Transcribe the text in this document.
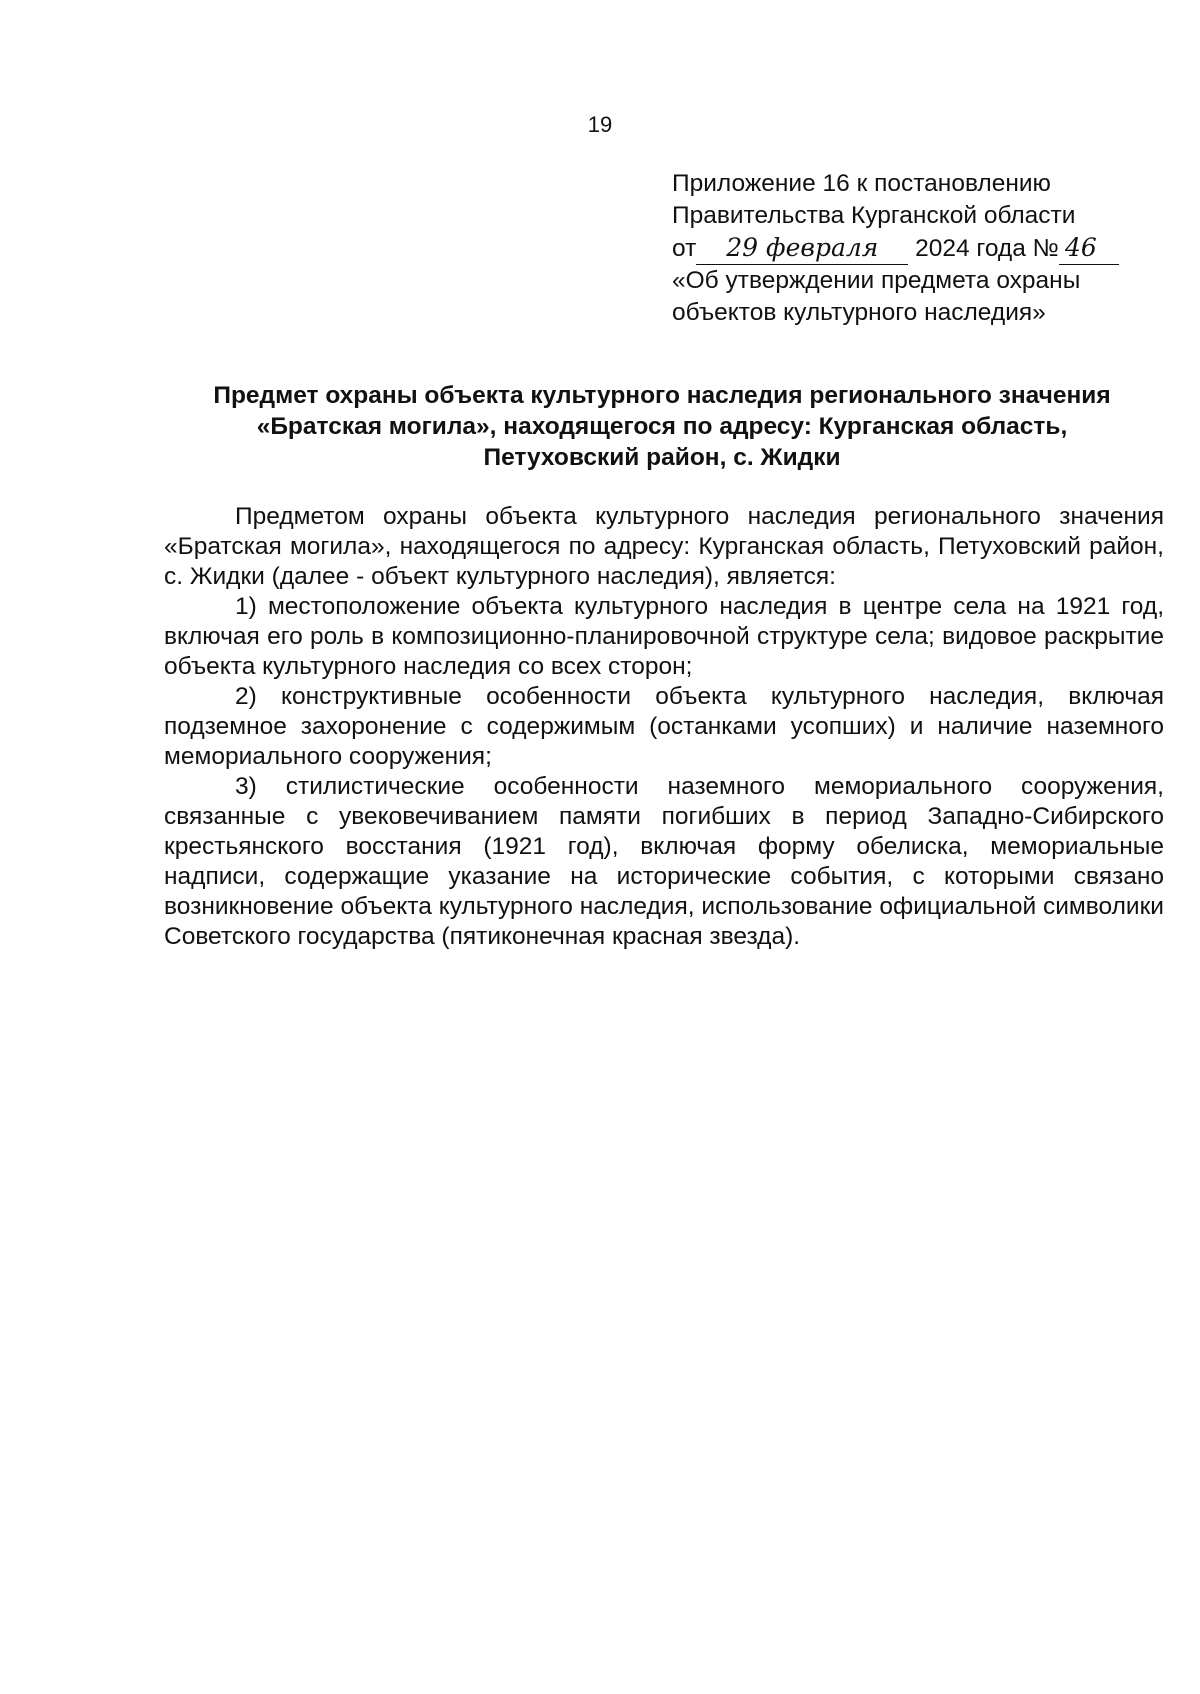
19
Приложение 16 к постановлению
Правительства Курганской области
от 29 февраля 2024 года № 46
«Об утверждении предмета охраны
объектов культурного наследия»
Предмет охраны объекта культурного наследия регионального значения
«Братская могила», находящегося по адресу: Курганская область,
Петуховский район, с. Жидки

Предметом охраны объекта культурного наследия регионального значения «Братская могила», находящегося по адресу: Курганская область, Петуховский район, с. Жидки (далее - объект культурного наследия), является:

1) местоположение объекта культурного наследия в центре села на 1921 год, включая его роль в композиционно-планировочной структуре села; видовое раскрытие объекта культурного наследия со всех сторон;

2) конструктивные особенности объекта культурного наследия, включая подземное захоронение с содержимым (останками усопших) и наличие наземного мемориального сооружения;

3) стилистические особенности наземного мемориального сооружения, связанные с увековечиванием памяти погибших в период Западно-Сибирского крестьянского восстания (1921 год), включая форму обелиска, мемориальные надписи, содержащие указание на исторические события, с которыми связано возникновение объекта культурного наследия, использование официальной символики Советского государства (пятиконечная красная звезда).
